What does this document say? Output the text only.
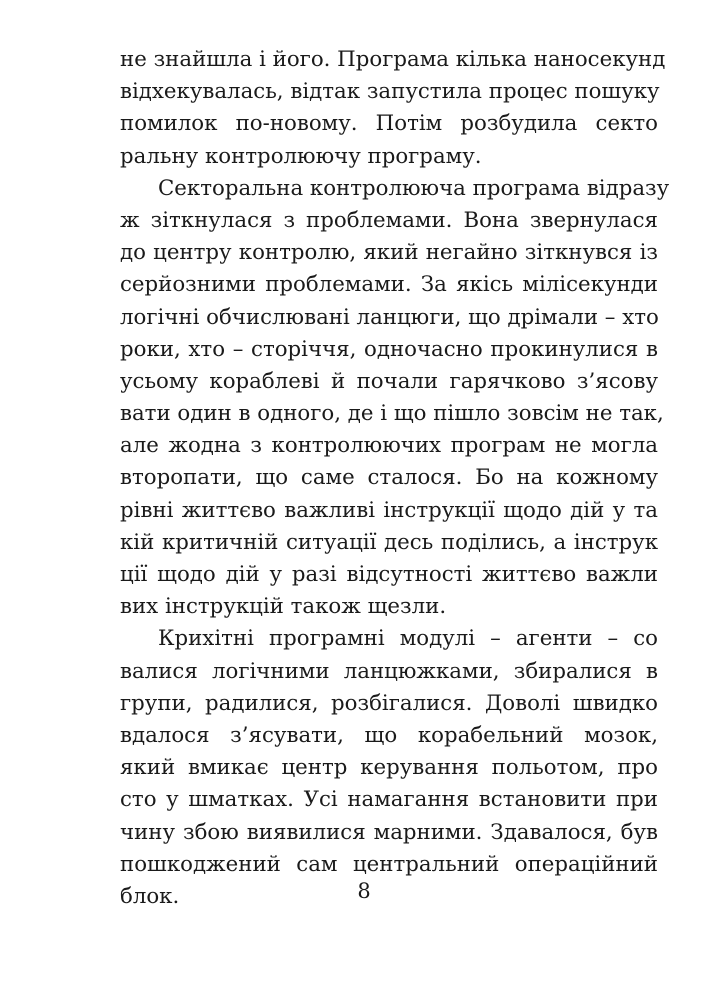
не знайшла і його. Програма кілька наносекунд
відхекувалась, відтак запустила процес пошуку
помилок по-новому. Потім розбудила секто
ральну контролюючу програму.
Секторальна контролююча програма відразу
ж зіткнулася з проблемами. Вона звернулася
до центру контролю, який негайно зіткнувся із
серйозними проблемами. За якісь мілісекунди
логічні обчислювані ланцюги, що дрімали – хто
роки, хто – сторіччя, одночасно прокинулися в
усьому кораблеві й почали гарячково з’ясову
вати один в одного, де і що пішло зовсім не так,
але жодна з контролюючих програм не могла
второпати, що саме сталося. Бо на кожному
рівні життєво важливі інструкції щодо дій у та
кій критичній ситуації десь поділись, а інструк
ції щодо дій у разі відсутності життєво важли
вих інструкцій також щезли.
Крихітні програмні модулі – агенти – со
валися логічними ланцюжками, збиралися в
групи, радилися, розбігалися. Доволі швидко
вдалося з’ясувати, що корабельний мозок,
який вмикає центр керування польотом, про
сто у шматках. Усі намагання встановити при
чину збою виявилися марними. Здавалося, був
пошкоджений сам центральний операційний
блок.	8
